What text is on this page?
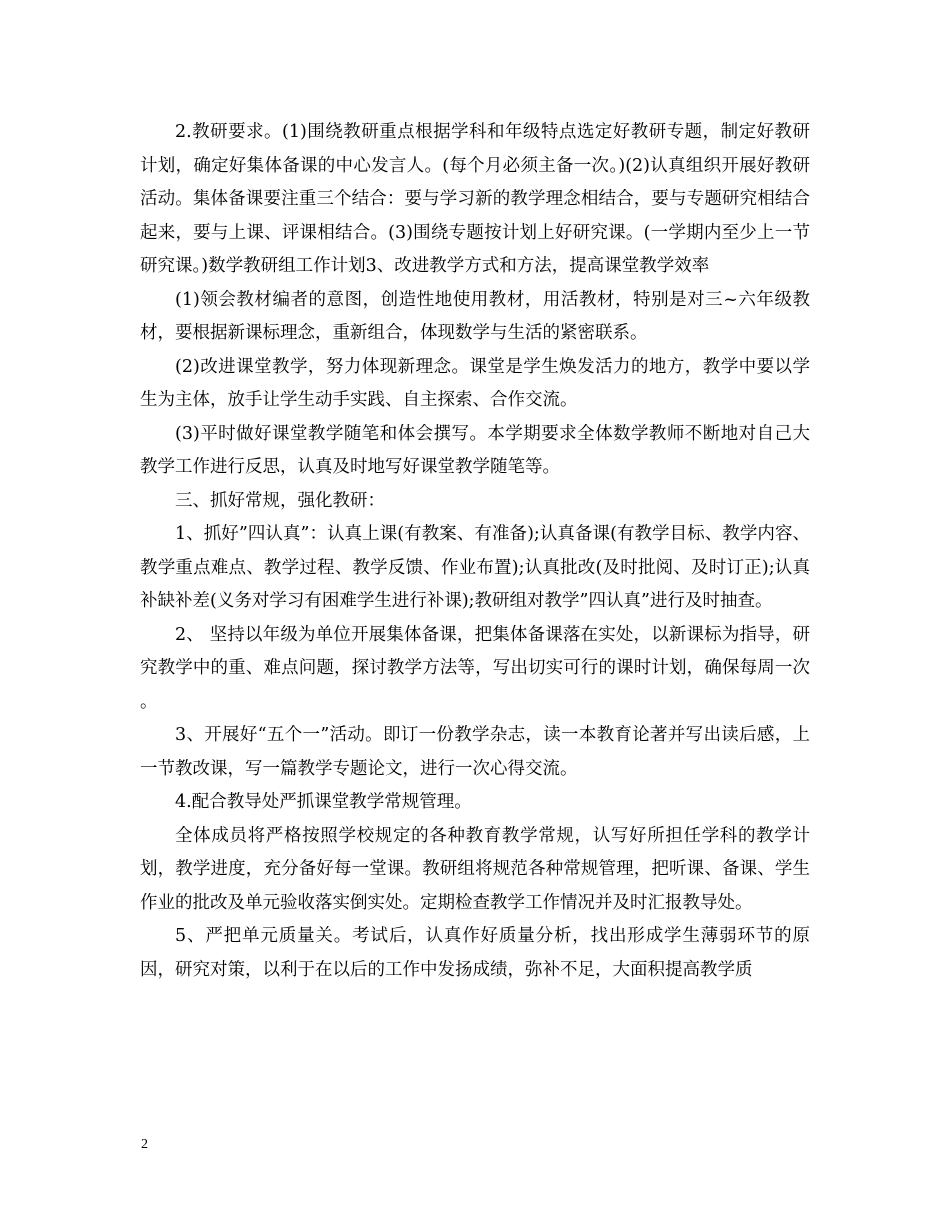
2.教研要求。(1)围绕教研重点根据学科和年级特点选定好教研专题，制定好教研计划，确定好集体备课的中心发言人。(每个月必须主备一次。)(2)认真组织开展好教研活动。集体备课要注重三个结合：要与学习新的教学理念相结合，要与专题研究相结合起来，要与上课、评课相结合。(3)围绕专题按计划上好研究课。(一学期内至少上一节研究课。)数学教研组工作计划3、改进教学方式和方法，提高课堂教学效率

(1)领会教材编者的意图，创造性地使用教材，用活教材，特别是对三~六年级教材，要根据新课标理念，重新组合，体现数学与生活的紧密联系。

(2)改进课堂教学，努力体现新理念。课堂是学生焕发活力的地方，教学中要以学生为主体，放手让学生动手实践、自主探索、合作交流。

(3)平时做好课堂教学随笔和体会撰写。本学期要求全体数学教师不断地对自己大教学工作进行反思，认真及时地写好课堂教学随笔等。

三、抓好常规，强化教研：

1、抓好”四认真”：认真上课(有教案、有准备);认真备课(有教学目标、教学内容、教学重点难点、教学过程、教学反馈、作业布置);认真批改(及时批阅、及时订正);认真补缺补差(义务对学习有困难学生进行补课);教研组对教学”四认真”进行及时抽查。

2、 坚持以年级为单位开展集体备课，把集体备课落在实处，以新课标为指导，研究教学中的重、难点问题，探讨教学方法等，写出切实可行的课时计划，确保每周一次 。

3、开展好“五个一”活动。即订一份教学杂志，读一本教育论著并写出读后感，上一节教改课，写一篇教学专题论文，进行一次心得交流。

4.配合教导处严抓课堂教学常规管理。

全体成员将严格按照学校规定的各种教育教学常规，认写好所担任学科的教学计划，教学进度，充分备好每一堂课。教研组将规范各种常规管理，把听课、备课、学生作业的批改及单元验收落实倒实处。定期检查教学工作情况并及时汇报教导处。

5、严把单元质量关。考试后，认真作好质量分析，找出形成学生薄弱环节的原因，研究对策，以利于在以后的工作中发扬成绩，弥补不足，大面积提高教学质

2
